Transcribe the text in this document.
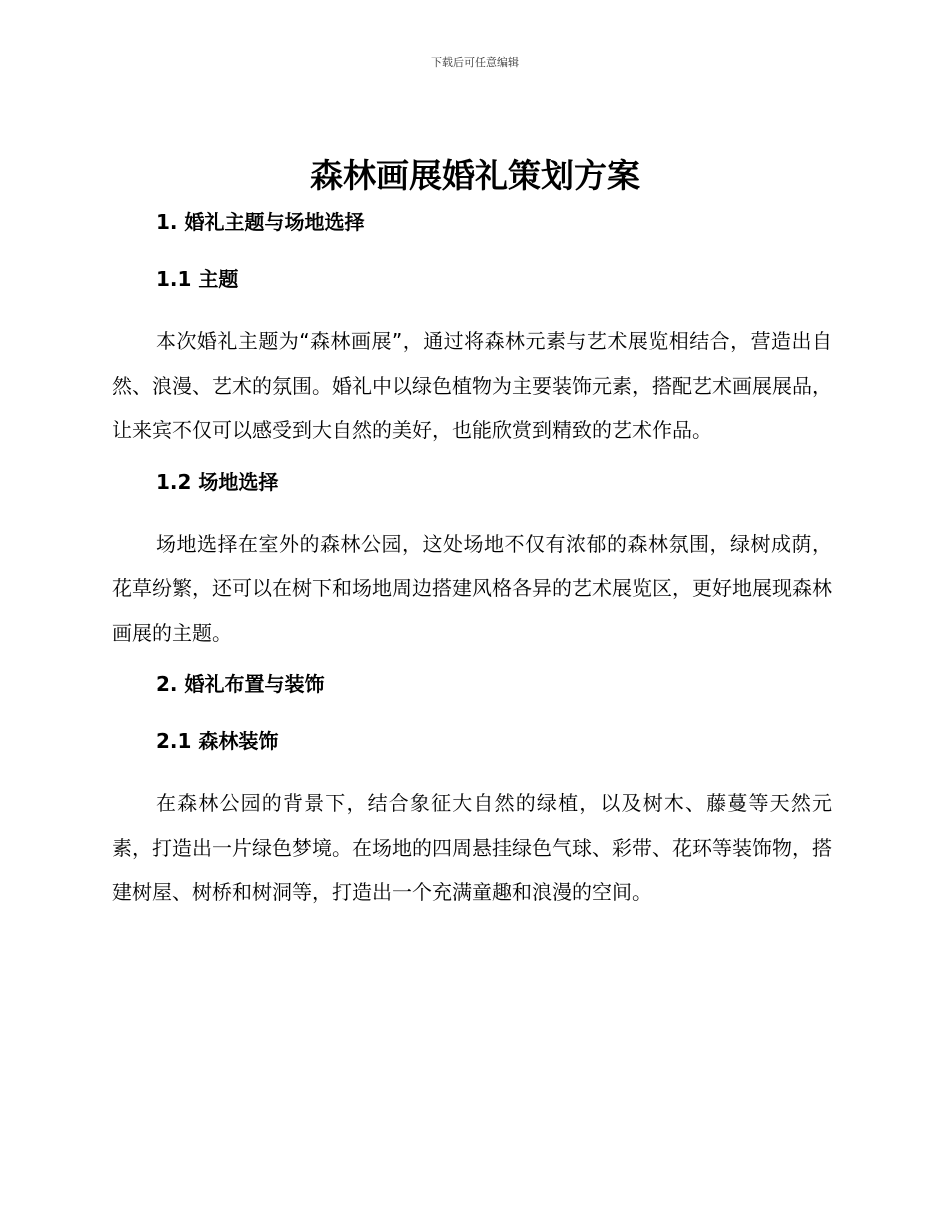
下载后可任意编辑
森林画展婚礼策划方案
1. 婚礼主题与场地选择
1.1 主题

本次婚礼主题为“森林画展”，通过将森林元素与艺术展览相结合，营造出自然、浪漫、艺术的氛围。婚礼中以绿色植物为主要装饰元素，搭配艺术画展展品，让来宾不仅可以感受到大自然的美好，也能欣赏到精致的艺术作品。

1.2 场地选择

场地选择在室外的森林公园，这处场地不仅有浓郁的森林氛围，绿树成荫，花草纷繁，还可以在树下和场地周边搭建风格各异的艺术展览区，更好地展现森林画展的主题。

2. 婚礼布置与装饰
2.1 森林装饰

在森林公园的背景下，结合象征大自然的绿植，以及树木、藤蔓等天然元素，打造出一片绿色梦境。在场地的四周悬挂绿色气球、彩带、花环等装饰物，搭建树屋、树桥和树洞等，打造出一个充满童趣和浪漫的空间。
